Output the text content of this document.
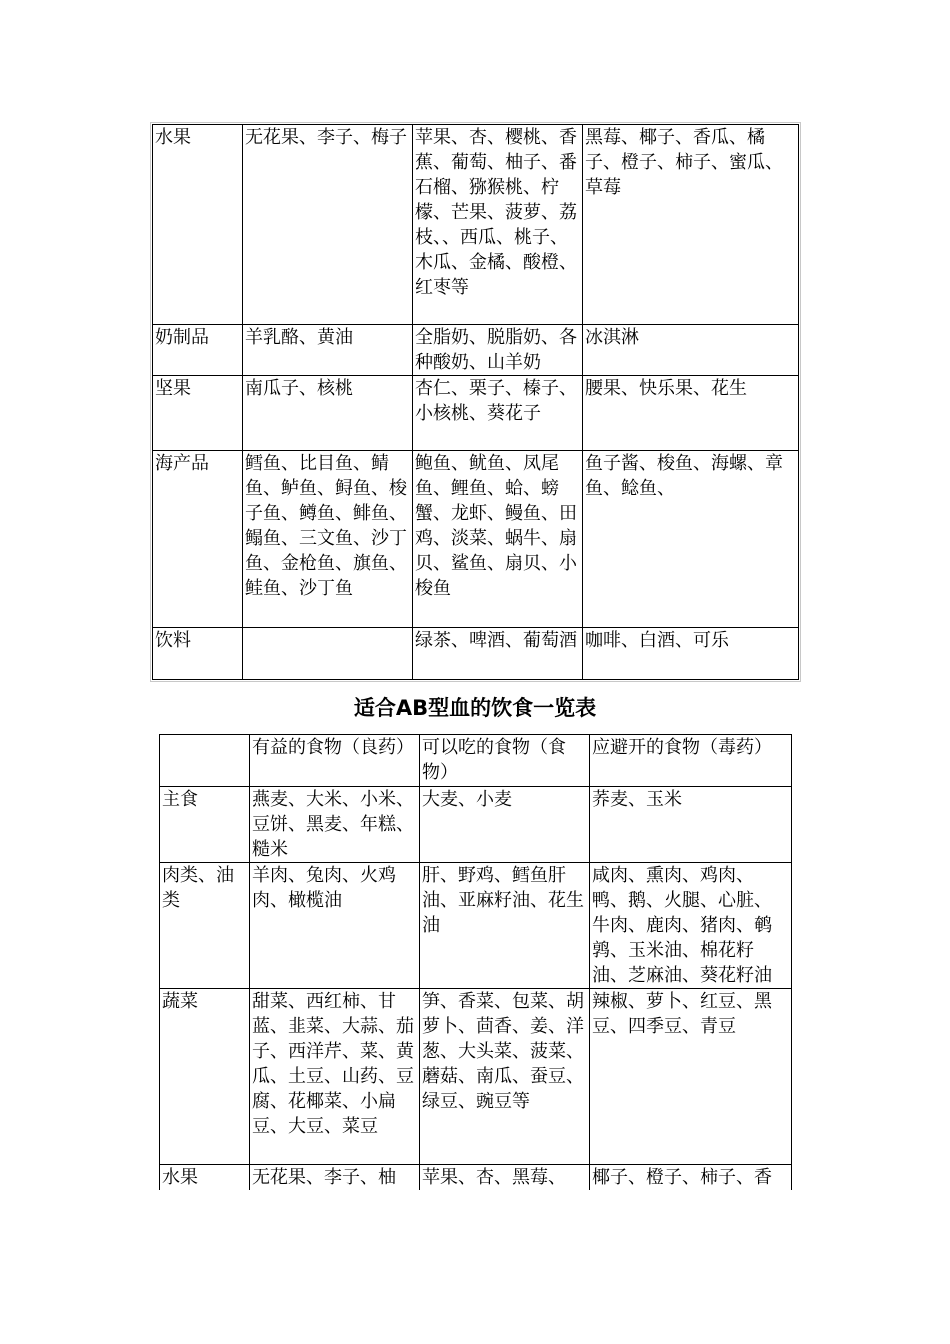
水果	无花果、李子、梅子	苹果、杏、樱桃、香蕉、葡萄、柚子、番石榴、猕猴桃、柠檬、芒果、菠萝、荔枝、、西瓜、桃子、木瓜、金橘、酸橙、红枣等	黑莓、椰子、香瓜、橘子、橙子、柿子、蜜瓜、草莓
奶制品	羊乳酪、黄油	全脂奶、脱脂奶、各种酸奶、山羊奶	冰淇淋
坚果	南瓜子、核桃	杏仁、栗子、榛子、小核桃、葵花子	腰果、快乐果、花生
海产品	鳕鱼、比目鱼、鲭鱼、鲈鱼、鲟鱼、梭子鱼、鳟鱼、鲱鱼、鳎鱼、三文鱼、沙丁鱼、金枪鱼、旗鱼、鲑鱼、沙丁鱼	鲍鱼、鱿鱼、凤尾鱼、鲤鱼、蛤、螃蟹、龙虾、鳗鱼、田鸡、淡菜、蜗牛、扇贝、鲨鱼、扇贝、小梭鱼	鱼子酱、梭鱼、海螺、章鱼、鲶鱼、
饮料		绿茶、啤酒、葡萄酒	咖啡、白酒、可乐
适合AB型血的饮食一览表
	有益的食物（良药）	可以吃的食物（食物）	应避开的食物（毒药）
主食	燕麦、大米、小米、豆饼、黑麦、年糕、糙米	大麦、小麦	荞麦、玉米
肉类、油类	羊肉、兔肉、火鸡肉、橄榄油	肝、野鸡、鳕鱼肝油、亚麻籽油、花生油	咸肉、熏肉、鸡肉、鸭、鹅、火腿、心脏、牛肉、鹿肉、猪肉、鹌鹑、玉米油、棉花籽油、芝麻油、葵花籽油
蔬菜	甜菜、西红柿、甘蓝、韭菜、大蒜、茄子、西洋芹、菜、黄瓜、土豆、山药、豆腐、花椰菜、小扁豆、大豆、菜豆	笋、香菜、包菜、胡萝卜、茴香、姜、洋葱、大头菜、菠菜、蘑菇、南瓜、蚕豆、绿豆、豌豆等	辣椒、萝卜、红豆、黑豆、四季豆、青豆
水果	无花果、李子、柚	苹果、杏、黑莓、	椰子、橙子、柿子、香
